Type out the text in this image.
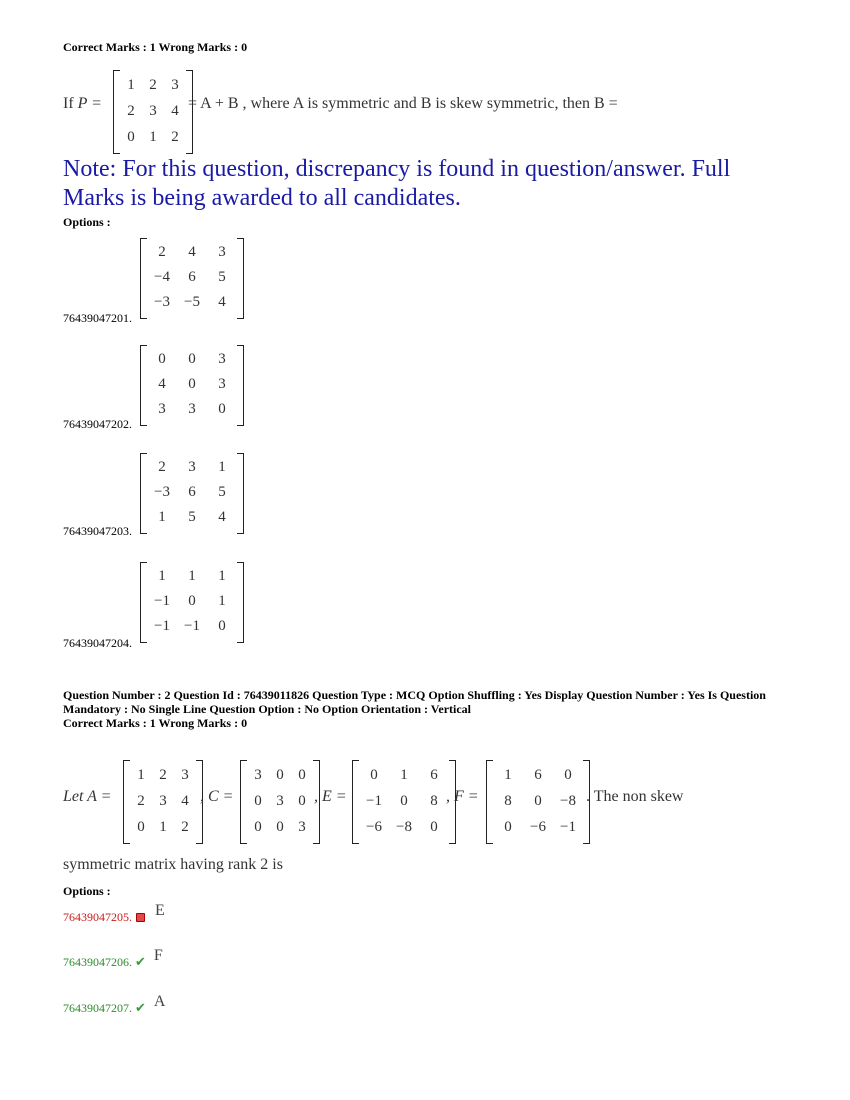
Correct Marks : 1 Wrong Marks : 0
If P =
1 2 3
2 3 4
0 1 2
= A + B , where A is symmetric and B is skew symmetric, then B =
Note: For this question, discrepancy is found in question/answer. Full Marks is being awarded to all candidates.
Options :
2	4	3
−4	6	5
−3 −5	4
76439047201.
0	0	3
4	0	3
3	3	0
76439047202.
2	3	1
−3	6	5
1	5	4
76439047203.
1	1	1
−1	0	1
−1 −1	0
76439047204.
Question Number : 2 Question Id : 76439011826 Question Type : MCQ Option Shuffling : Yes Display Question Number : Yes Is Question
Mandatory : No Single Line Question Option : No Option Orientation : Vertical
Correct Marks : 1 Wrong Marks : 0
Let A =
1 2 3
2 3 4
0 1 2
, C =
3 0 0
0 3 0
0 0 3
, E =
0	1	6
−1	0	8
−6 −8	0
, F =
1	6	0
8	0	−8
0	−6 −1
. The non skew
symmetric matrix having rank 2 is
Options :
76439047205. E
76439047206. ✔ F
76439047207. ✔ A
